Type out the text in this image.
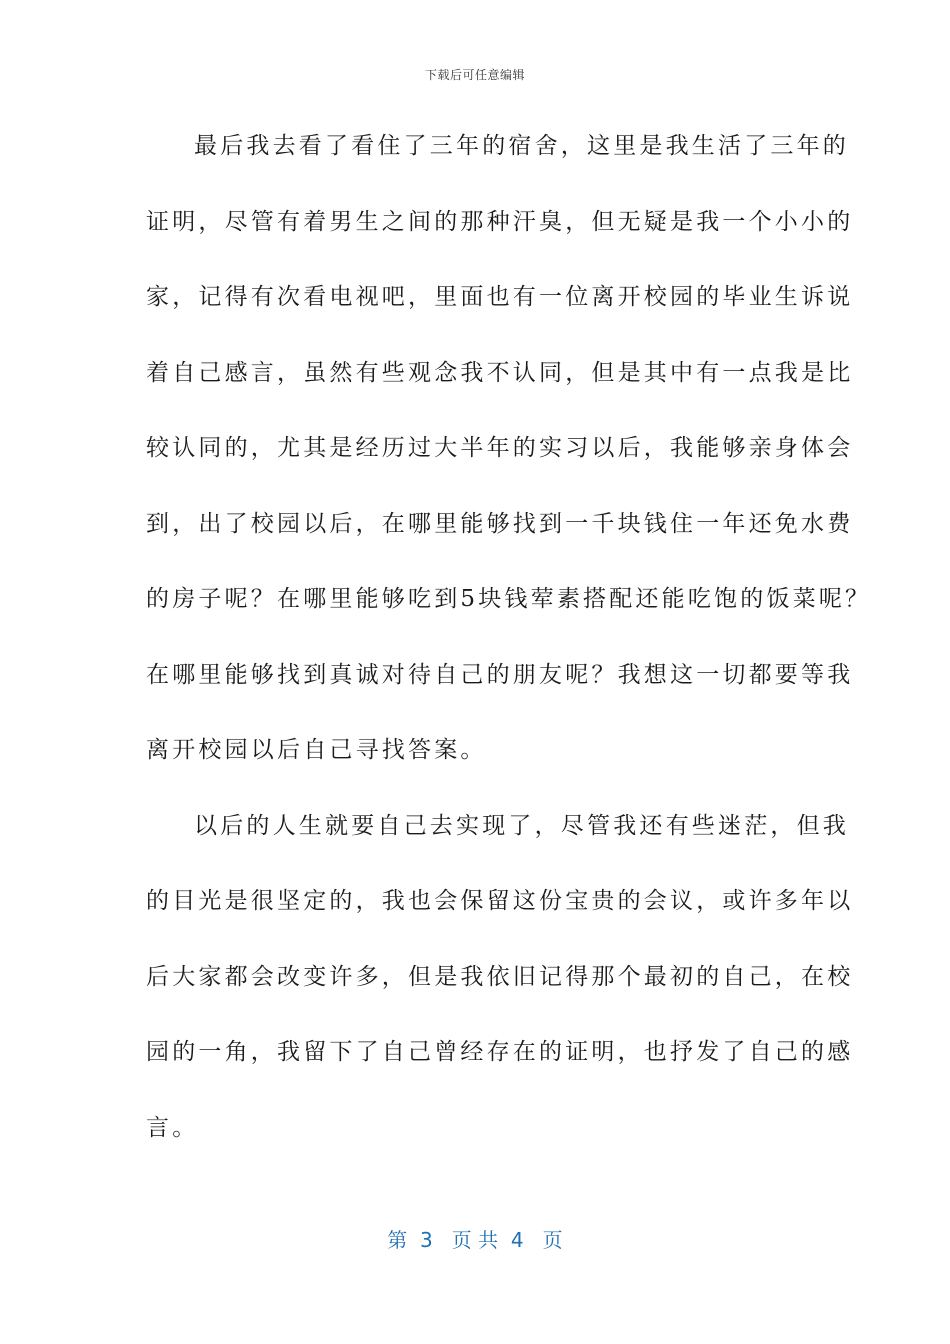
下载后可任意编辑
最后我去看了看住了三年的宿舍，这里是我生活了三年的
证明，尽管有着男生之间的那种汗臭，但无疑是我一个小小的
家，记得有次看电视吧，里面也有一位离开校园的毕业生诉说
着自己感言，虽然有些观念我不认同，但是其中有一点我是比
较认同的，尤其是经历过大半年的实习以后，我能够亲身体会
到，出了校园以后，在哪里能够找到一千块钱住一年还免水费
的房子呢？在哪里能够吃到5块钱荤素搭配还能吃饱的饭菜呢？
在哪里能够找到真诚对待自己的朋友呢？我想这一切都要等我
离开校园以后自己寻找答案。
以后的人生就要自己去实现了，尽管我还有些迷茫，但我
的目光是很坚定的，我也会保留这份宝贵的会议，或许多年以
后大家都会改变许多，但是我依旧记得那个最初的自己，在校
园的一角，我留下了自己曾经存在的证明，也抒发了自己的感
言。
第  3   页 共  4   页
